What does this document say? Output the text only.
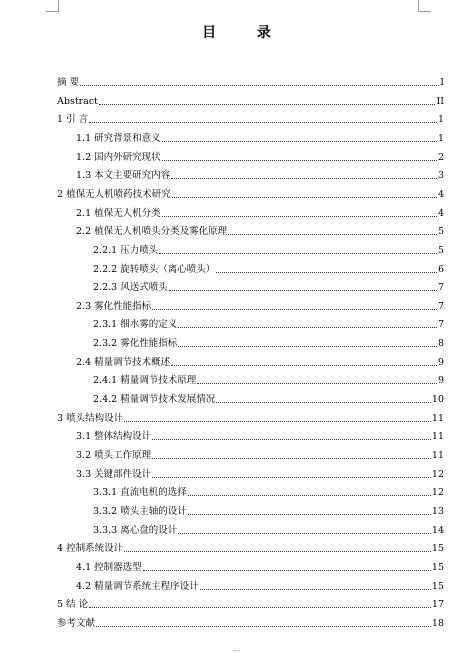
目 录
摘 要	I
Abstract	II
1 引 言	1
1.1 研究背景和意义	1
1.2 国内外研究现状	2
1.3 本文主要研究内容	3
2 植保无人机喷药技术研究	4
2.1 植保无人机分类	4
2.2 植保无人机喷头分类及雾化原理	5
2.2.1 压力喷头	5
2.2.2 旋转喷头（离心喷头）	6
2.2.3 风送式喷头	7
2.3 雾化性能指标	7
2.3.1 细水雾的定义	7
2.3.2 雾化性能指标	8
2.4 精量调节技术概述	9
2.4.1 精量调节技术原理	9
2.4.2 精量调节技术发展情况	10
3 喷头结构设计	11
3.1 整体结构设计	11
3.2 喷头工作原理	11
3.3 关键部件设计	12
3.3.1 直流电机的选择	12
3.3.2 喷头主轴的设计	13
3.3.3 离心盘的设计	14
4 控制系统设计	15
4.1 控制器选型	15
4.2 精量调节系统主程序设计	15
5 结 论	17
参考文献	18
...
